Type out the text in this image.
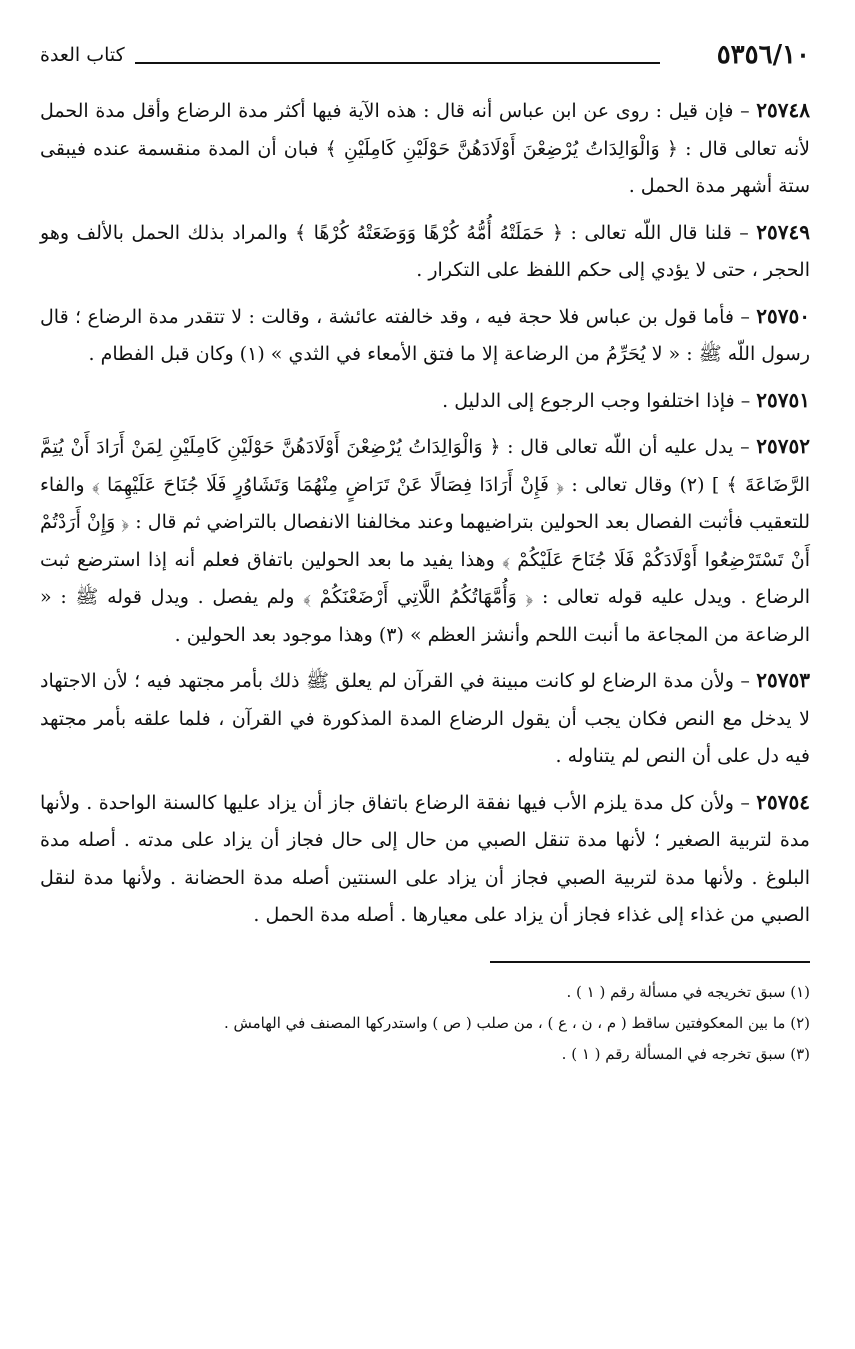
٥٣٥٦/١٠
كتاب العدة

٢٥٧٤٨ – فإن قيل : روى عن ابن عباس أنه قال : هذه الآية فيها أكثر مدة الرضاع وأقل مدة الحمل لأنه تعالى قال : ﴿ وَالْوَالِدَاتُ يُرْضِعْنَ أَوْلَادَهُنَّ حَوْلَيْنِ كَامِلَيْنِ ﴾ فبان أن المدة منقسمة عنده فيبقى ستة أشهر مدة الحمل .

٢٥٧٤٩ – قلنا قال اللّه تعالى : ﴿ حَمَلَتْهُ أُمُّهُ كُرْهًا وَوَضَعَتْهُ كُرْهًا ﴾ والمراد بذلك الحمل بالألف وهو الحجر ، حتى لا يؤدي إلى حكم اللفظ على التكرار .

٢٥٧٥٠ – فأما قول بن عباس فلا حجة فيه ، وقد خالفته عائشة ، وقالت : لا تتقدر مدة الرضاع ؛ قال رسول اللّه ﷺ : « لا يُحَرِّمُ من الرضاعة إلا ما فتق الأمعاء في الثدي » (١) وكان قبل الفطام .

٢٥٧٥١ – فإذا اختلفوا وجب الرجوع إلى الدليل .

٢٥٧٥٢ – يدل عليه أن اللّه تعالى قال : ﴿ وَالْوَالِدَاتُ يُرْضِعْنَ أَوْلَادَهُنَّ حَوْلَيْنِ كَامِلَيْنِ لِمَنْ أَرَادَ أَنْ يُتِمَّ الرَّضَاعَةَ ﴾ ] (٢) وقال تعالى : ﴿ فَإِنْ أَرَادَا فِصَالًا عَنْ تَرَاضٍ مِنْهُمَا وَتَشَاوُرٍ فَلَا جُنَاحَ عَلَيْهِمَا ﴾ والفاء للتعقيب فأثبت الفصال بعد الحولين بتراضيهما وعند مخالفنا الانفصال بالتراضي ثم قال : ﴿ وَإِنْ أَرَدْتُمْ أَنْ تَسْتَرْضِعُوا أَوْلَادَكُمْ فَلَا جُنَاحَ عَلَيْكُمْ ﴾ وهذا يفيد ما بعد الحولين باتفاق فعلم أنه إذا استرضع ثبت الرضاع . ويدل عليه قوله تعالى : ﴿ وَأُمَّهَاتُكُمُ اللَّاتِي أَرْضَعْنَكُمْ ﴾ ولم يفصل . ويدل قوله ﷺ : « الرضاعة من المجاعة ما أنبت اللحم وأنشز العظم » (٣) وهذا موجود بعد الحولين .

٢٥٧٥٣ – ولأن مدة الرضاع لو كانت مبينة في القرآن لم يعلق ﷺ ذلك بأمر مجتهد فيه ؛ لأن الاجتهاد لا يدخل مع النص فكان يجب أن يقول الرضاع المدة المذكورة في القرآن ، فلما علقه بأمر مجتهد فيه دل على أن النص لم يتناوله .

٢٥٧٥٤ – ولأن كل مدة يلزم الأب فيها نفقة الرضاع باتفاق جاز أن يزاد عليها كالسنة الواحدة . ولأنها مدة لتربية الصغير ؛ لأنها مدة تنقل الصبي من حال إلى حال فجاز أن يزاد على مدته . أصله مدة البلوغ . ولأنها مدة لتربية الصبي فجاز أن يزاد على السنتين أصله مدة الحضانة . ولأنها مدة لنقل الصبي من غذاء إلى غذاء فجاز أن يزاد على معيارها . أصله مدة الحمل .

(١) سبق تخريجه في مسألة رقم ( ١ ) .
(٢) ما بين المعكوفتين ساقط ( م ، ن ، ع ) ، من صلب ( ص ) واستدركها المصنف في الهامش .
(٣) سبق تخرجه في المسألة رقم ( ١ ) .
